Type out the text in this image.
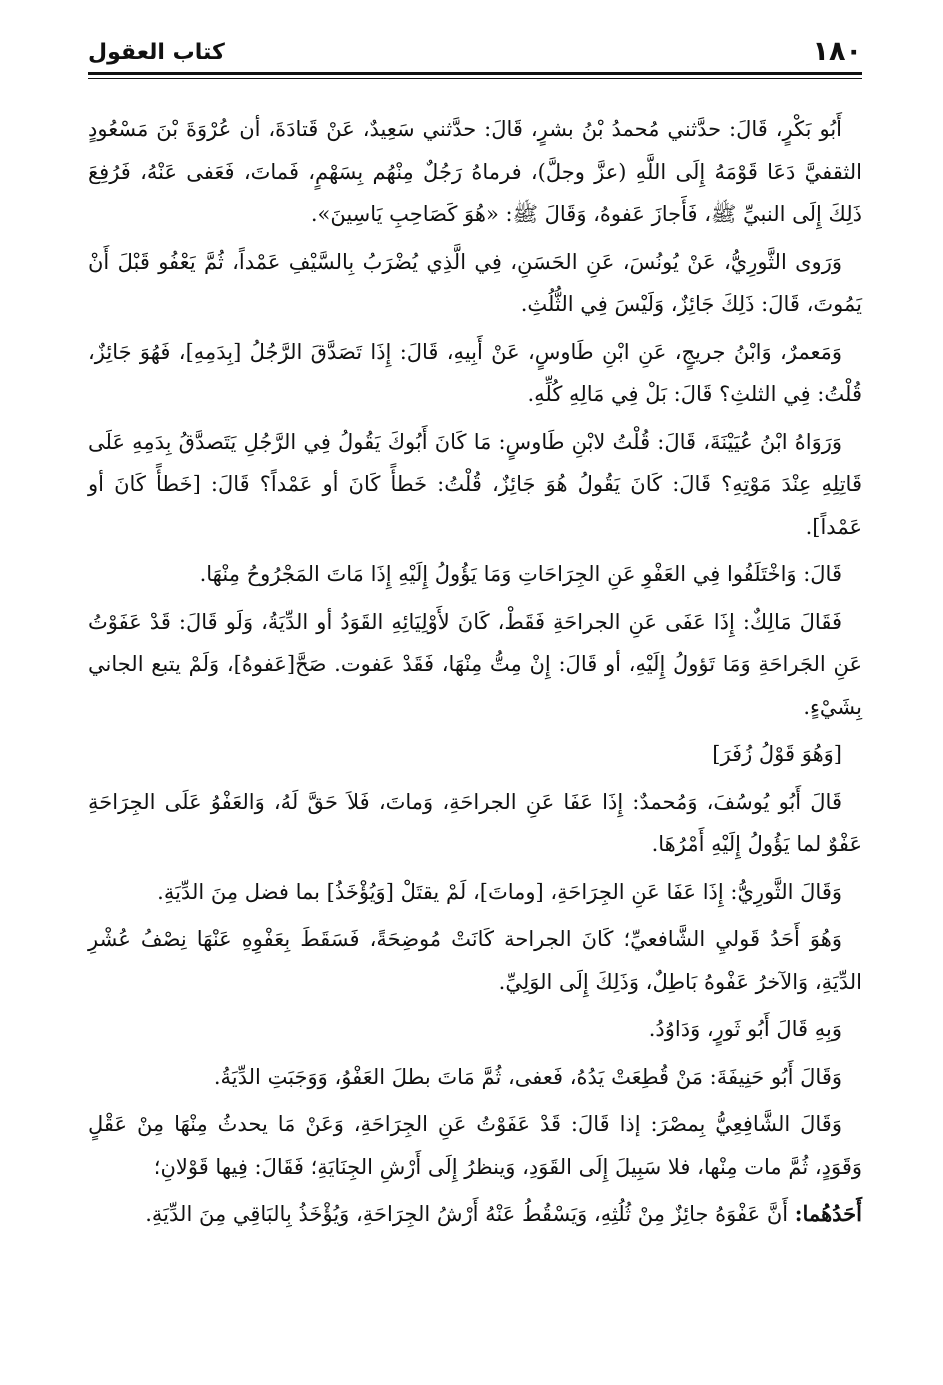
١٨٠
كتاب العقول

أَبُو بَكْرٍ، قَالَ: حدَّثني مُحمدُ بْنُ بشرٍ، قَالَ: حدَّثني سَعِيدٌ، عَنْ قَتادَةَ، أن عُرْوَةَ بْنَ مَسْعُودٍ الثقفيَّ دَعَا قَوْمَهُ إِلَى اللَّهِ (عزَّ وجلَّ)، فرماهُ رَجُلٌ مِنْهُم بِسَهْمٍ، فَماتَ، فَعَفى عَنْهُ، فَرُفِعَ ذَلِكَ إِلَى النبيِّ ﷺ، فَأَجازَ عَفوهُ، وَقَالَ ﷺ: «هُوَ كَصَاحِبِ يَاسِينَ».

وَرَوى الثَّورِيُّ، عَنْ يُونُسَ، عَنِ الحَسَنِ، فِي الَّذِي يُضْرَبُ بِالسَّيْفِ عَمْداً، ثُمَّ يَعْفُو قَبْلَ أَنْ يَمُوتَ، قَالَ: ذَلِكَ جَائِزٌ، وَلَيْسَ فِي الثُّلُثِ.

وَمَعمرٌ، وَابْنُ جريجٍ، عَنِ ابْنِ طَاوسٍ، عَنْ أَبِيهِ، قَالَ: إِذَا تَصَدَّقَ الرَّجُلُ [بِدَمِهِ]، فَهُوَ جَائِزٌ، قُلْتُ: فِي الثلثِ؟ قَالَ: بَلْ فِي مَالِهِ كُلِّهِ.

وَرَوَاهُ ابْنُ عُيَيْنَةَ، قَالَ: قُلْتُ لابْنِ طَاوسٍ: مَا كَانَ أَبُوكَ يَقُولُ فِي الرَّجُلِ يَتَصدَّقُ بِدَمِهِ عَلَى قَاتِلِهِ عِنْدَ مَوْتِهِ؟ قَالَ: كَانَ يَقُولُ هُوَ جَائِزٌ، قُلْتُ: خَطأً كَانَ أو عَمْداً؟ قَالَ: [خَطأً كَانَ أو عَمْداً].

قَالَ: وَاخْتَلَفُوا فِي العَفْوِ عَنِ الجِرَاحَاتِ وَمَا يَؤُولُ إِلَيْهِ إِذَا مَاتَ المَجْرُوحُ مِنْهَا.

فَقَالَ مَالِكٌ: إِذَا عَفَى عَنِ الجراحَةِ فَقَطْ، كَانَ لأَوْلِيَائِهِ القَوَدُ أو الدِّيَةُ، وَلَو قَالَ: قَدْ عَفَوْتُ عَنِ الجَراحَةِ وَمَا تَؤولُ إِلَيْهِ، أو قَالَ: إِنْ مِتُّ مِنْهَا، فَقَدْ عَفوت. صَحَّ[عَفوهُ]، وَلَمْ يتبع الجاني بِشَيْءٍ.

[وَهُوَ قَوْلُ زُفَرَ]

قَالَ أَبُو يُوسُفَ، وَمُحمدٌ: إِذَا عَفَا عَنِ الجراحَةِ، وَماتَ، فَلاَ حَقَّ لَهُ، وَالعَفْوُ عَلَى الجِرَاحَةِ عَفْوٌ لما يَؤُولُ إِلَيْهِ أَمْرُهَا.

وَقَالَ الثَّورِيُّ: إِذَا عَفَا عَنِ الجِرَاحَةِ، [وماتَ]، لَمْ يقتَلْ [وَيُؤْخَذُ] بما فضل مِنَ الدِّيَةِ.

وَهُوَ أَحَدُ قَوليِ الشَّافعيِّ؛ كَانَ الجراحة كَانَتْ مُوضِحَةً، فَسَقَطَ بِعَفْوِهِ عَنْهَا نِصْفُ عُشْرِ الدِّيَةِ، وَالآخرُ عَفْوهُ بَاطِلٌ، وَذَلِكَ إِلَى الوَلِيِّ.

وَبِهِ قَالَ أَبُو ثَورٍ، وَدَاوُدُ.

وَقَالَ أَبُو حَنِيفَةَ: مَنْ قُطِعَتْ يَدُهُ، فَعفى، ثُمَّ مَاتَ بطلَ العَفْوُ، وَوَجَبَتِ الدِّيَةُ.

وَقَالَ الشَّافِعِيُّ بِمصْرَ: إذا قَالَ: قَدْ عَفَوْتُ عَنِ الجِرَاحَةِ، وَعَنْ مَا يحدثُ مِنْهَا مِنْ عَقْلٍ وَقَوَدٍ، ثُمَّ مات مِنْها، فلا سَبِيلَ إِلَى القَوَدِ، وَينظرُ إِلَى أَرْشِ الجِنَايَةِ؛ فَقَالَ: فِيها قَوْلانِ؛

أَحَدُهُما: أَنَّ عَفْوَهُ جائِزٌ مِنْ ثُلُثِهِ، وَيَسْقُطُ عَنْهُ أَرْشُ الجِرَاحَةِ، وَيُؤْخَذُ بِالبَاقِي مِنَ الدِّيَةِ.
